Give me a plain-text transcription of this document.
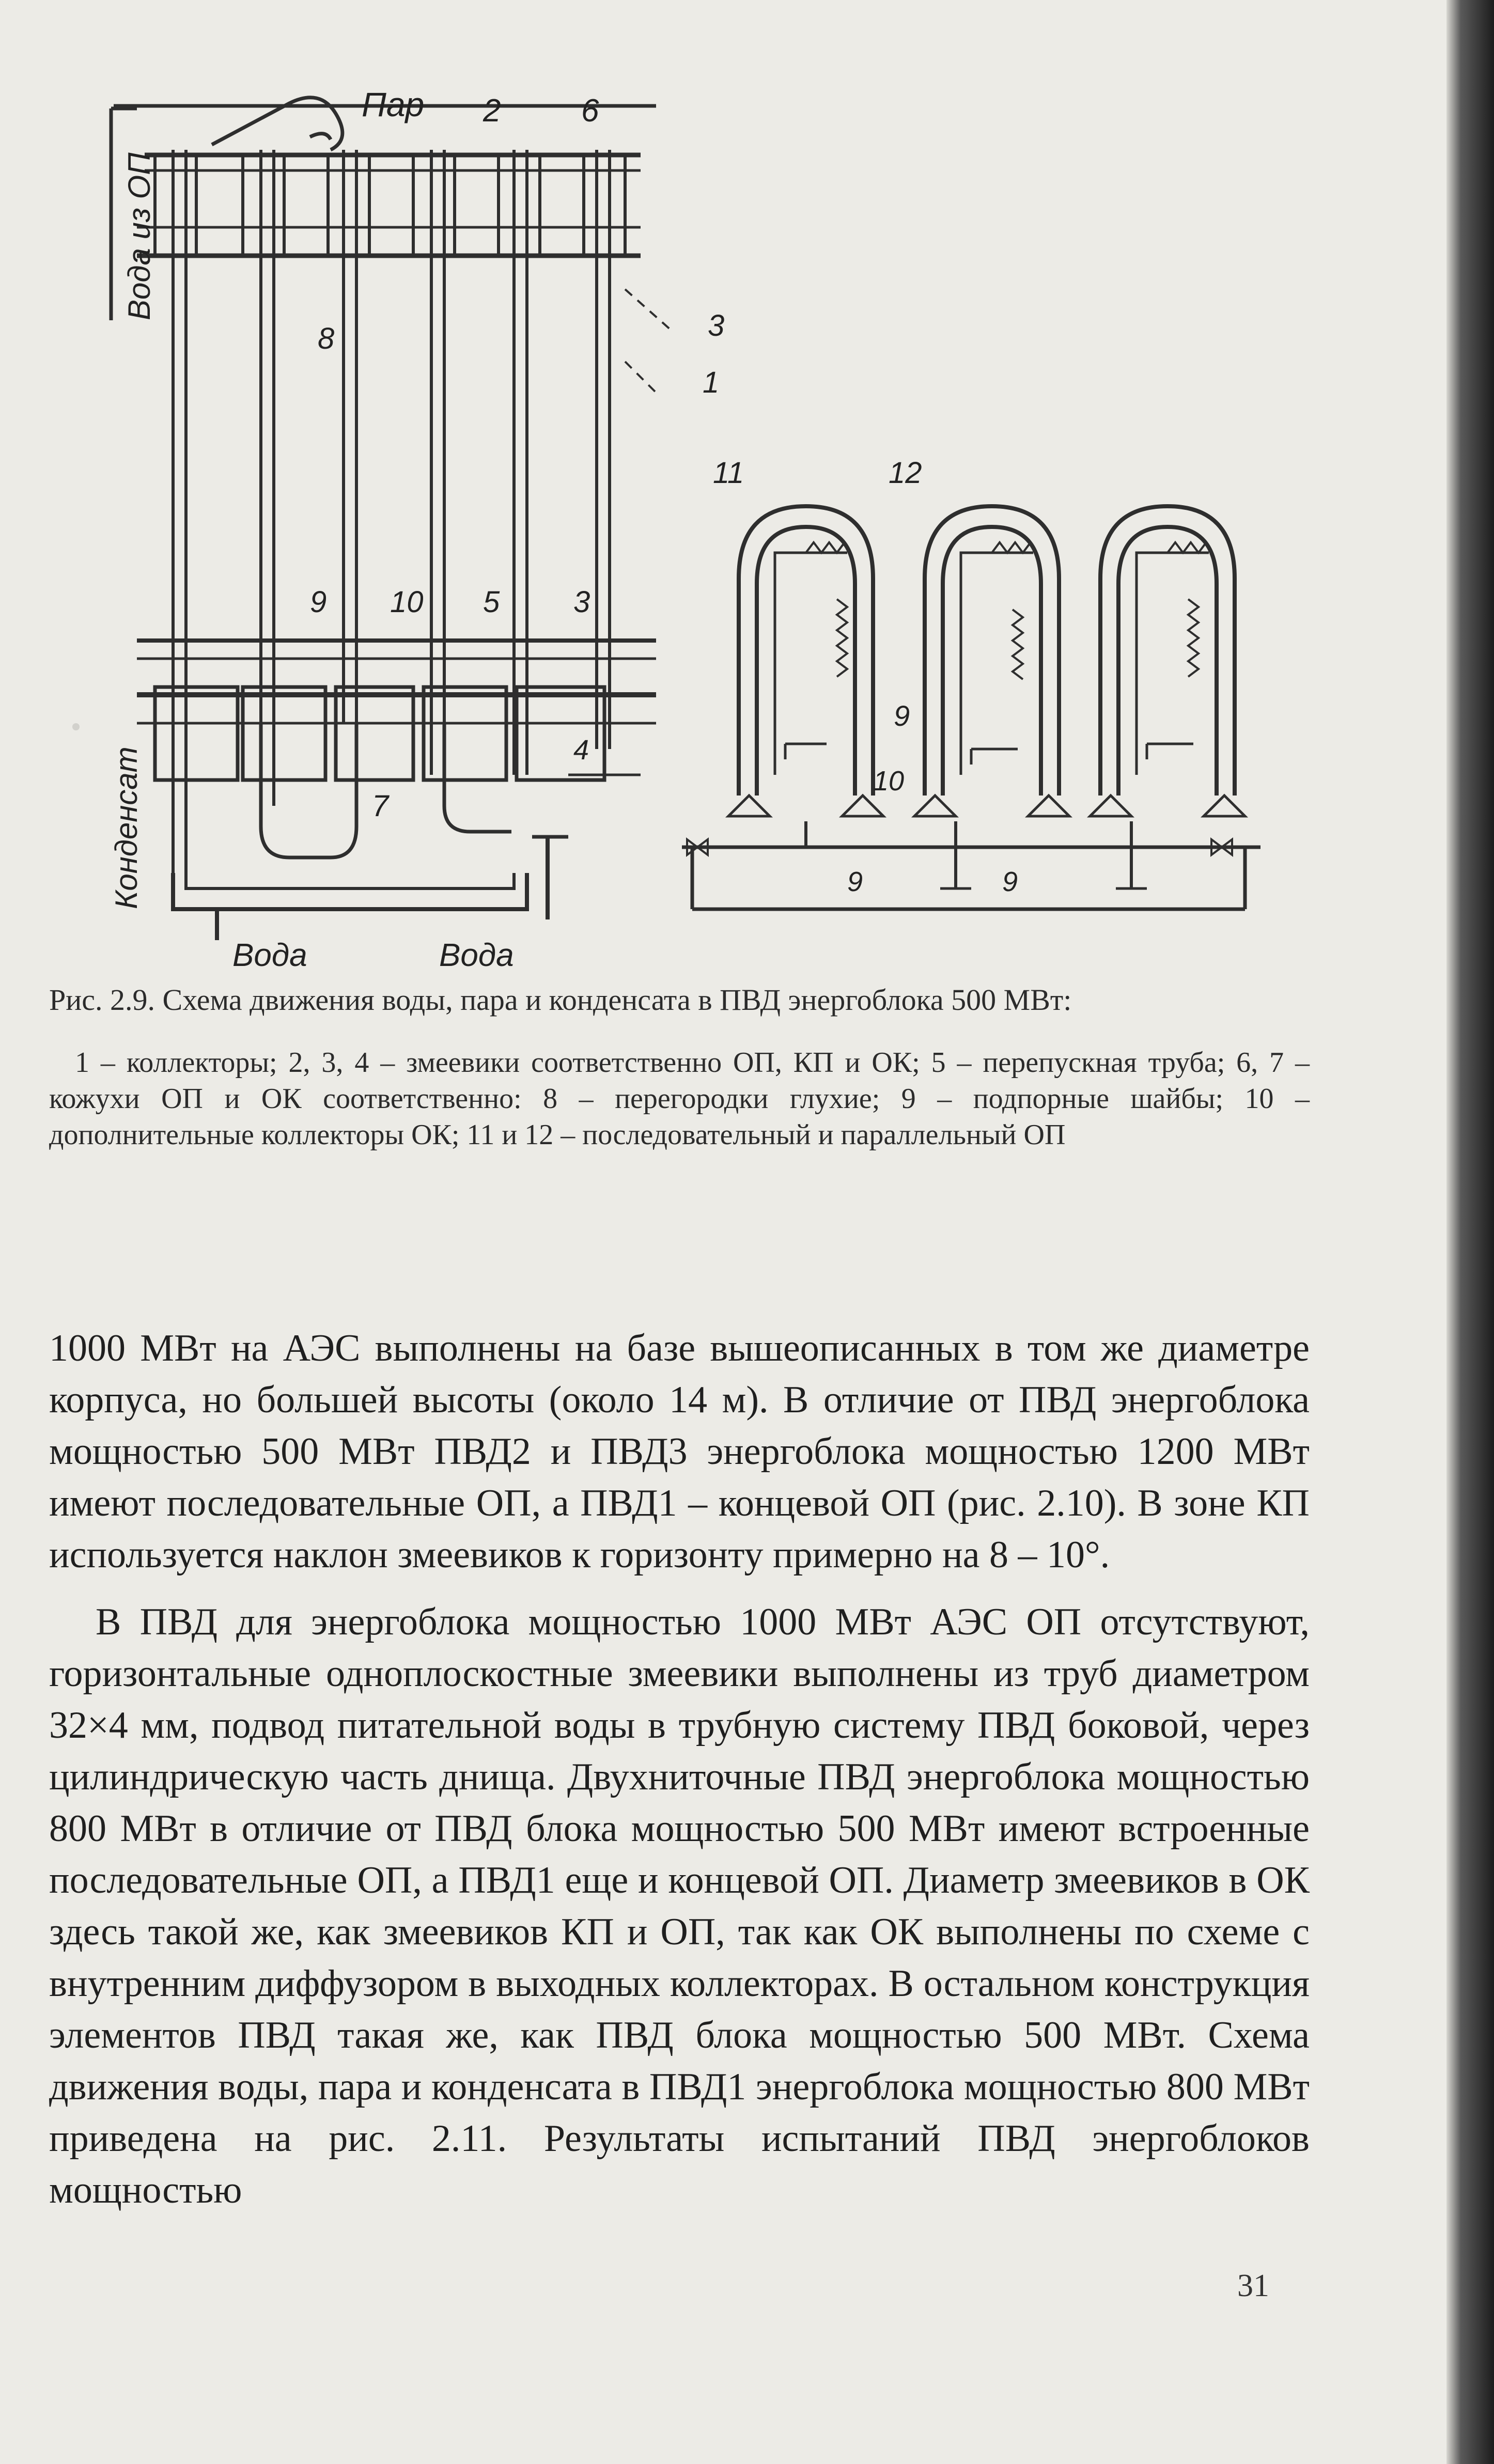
Пар 2	6
Вода из ОП
8	3
1
11	12
9 10 5 3
4
7
Конденсат
Вода	Вода
9
10
9	9
Рис. 2.9. Схема движения воды, пара и конденсата в ПВД энергоблока 500 МВт:
1 – коллекторы; 2, 3, 4 – змеевики соответственно ОП, КП и ОК; 5 – перепускная труба; 6, 7 – кожухи ОП и ОК соответственно: 8 – перегородки глухие; 9 – подпорные шайбы; 10 – дополнительные коллекторы ОК; 11 и 12 – последовательный и параллельный ОП

1000 МВт на АЭС выполнены на базе вышеописанных в том же диаметре корпуса, но большей высоты (около 14 м). В отличие от ПВД энергоблока мощностью 500 МВт ПВД2 и ПВД3 энергоблока мощностью 1200 МВт имеют последовательные ОП, а ПВД1 – концевой ОП (рис. 2.10). В зоне КП используется наклон змеевиков к горизонту примерно на 8 – 10°.

В ПВД для энергоблока мощностью 1000 МВт АЭС ОП отсутствуют, горизонтальные одноплоскостные змеевики выполнены из труб диаметром 32×4 мм, подвод питательной воды в трубную систему ПВД боковой, через цилиндрическую часть днища. Двухниточные ПВД энергоблока мощностью 800 МВт в отличие от ПВД блока мощностью 500 МВт имеют встроенные последовательные ОП, а ПВД1 еще и концевой ОП. Диаметр змеевиков в ОК здесь такой же, как змеевиков КП и ОП, так как ОК выполнены по схеме с внутренним диффузором в выходных коллекторах. В остальном конструкция элементов ПВД такая же, как ПВД блока мощностью 500 МВт. Схема движения воды, пара и конденсата в ПВД1 энергоблока мощностью 800 МВт приведена на рис. 2.11. Результаты испытаний ПВД энергоблоков мощностью

31
